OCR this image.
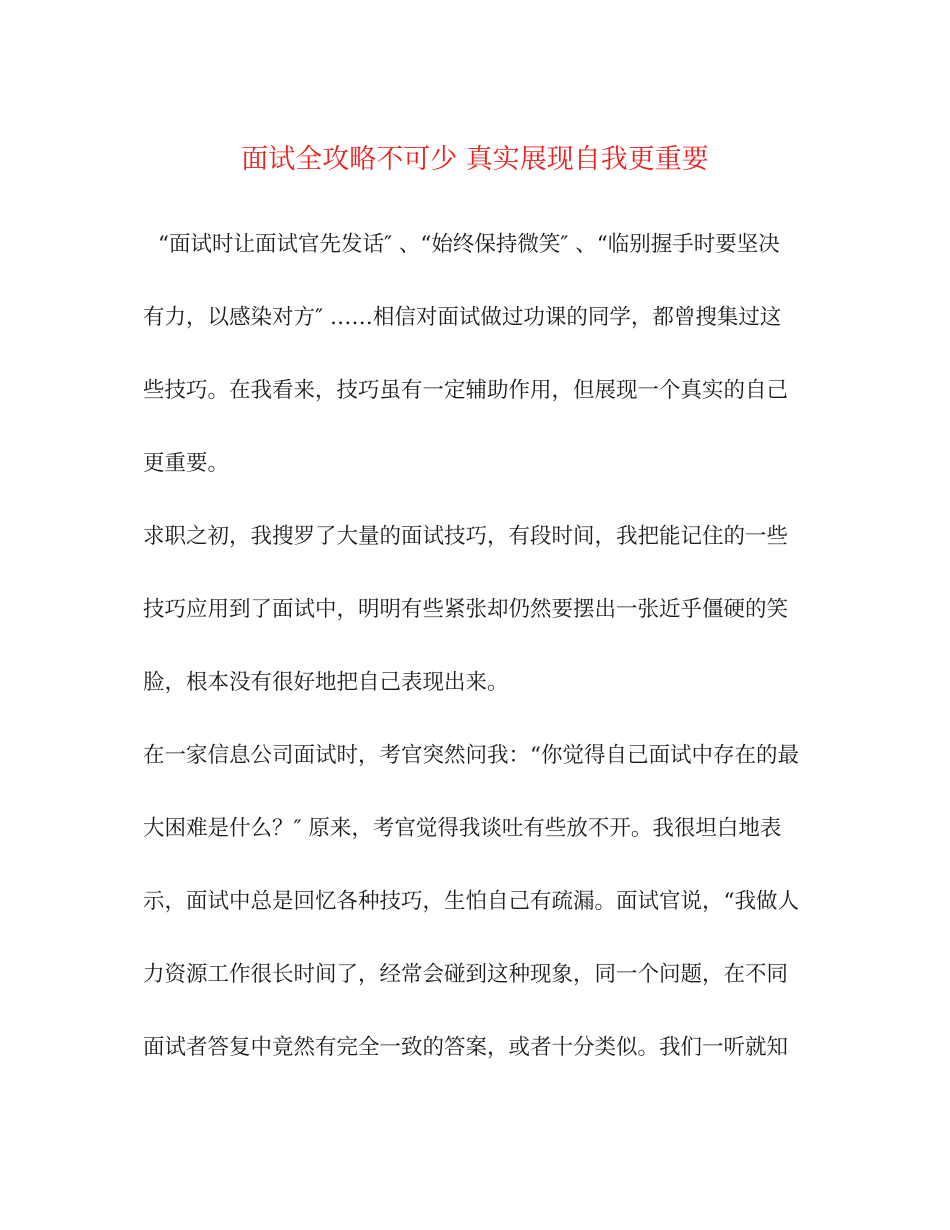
面试全攻略不可少 真实展现自我更重要
“面试时让面试官先发话″ 、“始终保持微笑″ 、“临别握手时要坚决
有力，以感染对方″ ……相信对面试做过功课的同学，都曾搜集过这
些技巧。在我看来，技巧虽有一定辅助作用，但展现一个真实的自己
更重要。
求职之初，我搜罗了大量的面试技巧，有段时间，我把能记住的一些
技巧应用到了面试中，明明有些紧张却仍然要摆出一张近乎僵硬的笑
脸，根本没有很好地把自己表现出来。
在一家信息公司面试时，考官突然问我：“你觉得自己面试中存在的最
大困难是什么？″ 原来，考官觉得我谈吐有些放不开。我很坦白地表
示，面试中总是回忆各种技巧，生怕自己有疏漏。面试官说，“我做人
力资源工作很长时间了，经常会碰到这种现象，同一个问题，在不同
面试者答复中竟然有完全一致的答案，或者十分类似。我们一听就知
